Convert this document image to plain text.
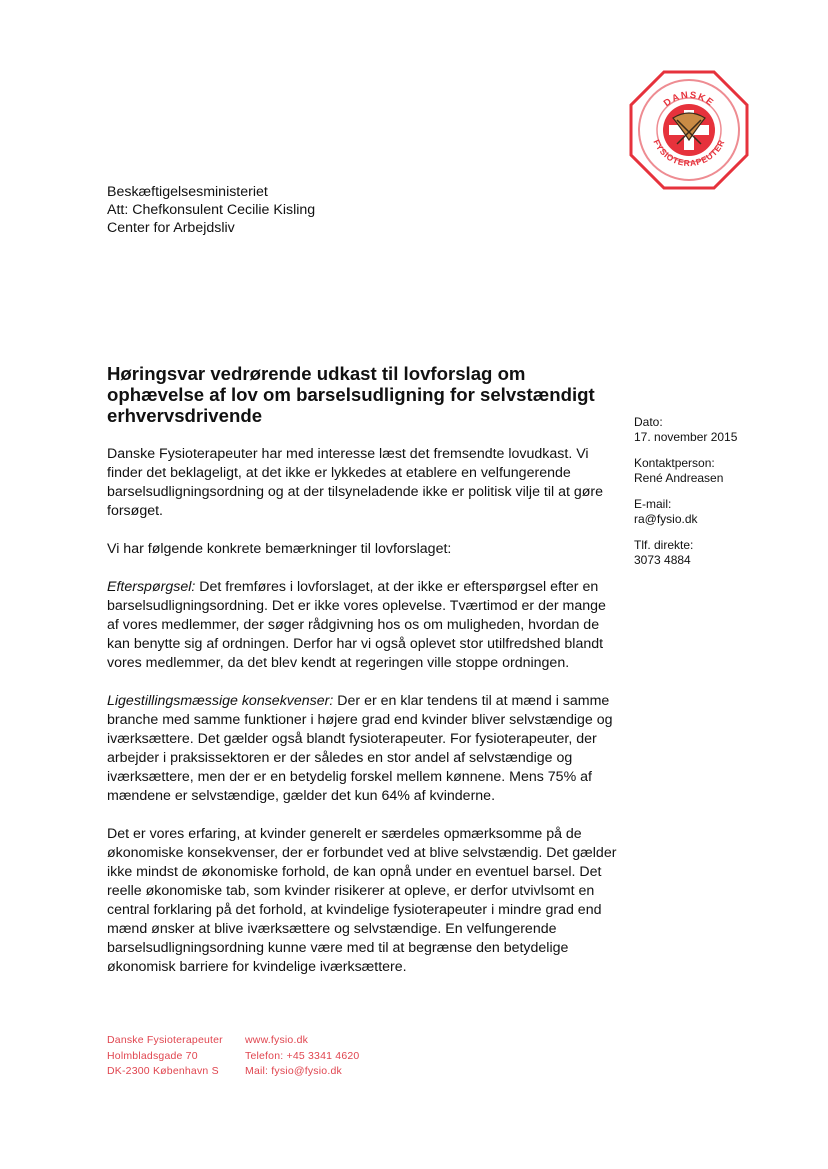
DANSKE
FYSIOTERAPEUTER
Beskæftigelsesministeriet
Att: Chefkonsulent Cecilie Kisling
Center for Arbejdsliv
Høringsvar vedrørende udkast til lovforslag om ophævelse af lov om barselsudligning for selvstændigt erhvervsdrivende

Danske Fysioterapeuter har med interesse læst det fremsendte lovudkast. Vi finder det beklageligt, at det ikke er lykkedes at etablere en velfungerende barselsudligningsordning og at der tilsyneladende ikke er politisk vilje til at gøre forsøget.

Vi har følgende konkrete bemærkninger til lovforslaget:

Efterspørgsel: Det fremføres i lovforslaget, at der ikke er efterspørgsel efter en barselsudligningsordning. Det er ikke vores oplevelse. Tværtimod er der mange af vores medlemmer, der søger rådgivning hos os om muligheden, hvordan de kan benytte sig af ordningen. Derfor har vi også oplevet stor utilfredshed blandt vores medlemmer, da det blev kendt at regeringen ville stoppe ordningen.

Ligestillingsmæssige konsekvenser: Der er en klar tendens til at mænd i samme branche med samme funktioner i højere grad end kvinder bliver selvstændige og iværksættere. Det gælder også blandt fysioterapeuter. For fysioterapeuter, der arbejder i praksissektoren er der således en stor andel af selvstændige og iværksættere, men der er en betydelig forskel mellem kønnene. Mens 75% af mændene er selvstændige, gælder det kun 64% af kvinderne.

Det er vores erfaring, at kvinder generelt er særdeles opmærksomme på de økonomiske konsekvenser, der er forbundet ved at blive selvstændig. Det gælder ikke mindst de økonomiske forhold, de kan opnå under en eventuel barsel. Det reelle økonomiske tab, som kvinder risikerer at opleve, er derfor utvivlsomt en central forklaring på det forhold, at kvindelige fysioterapeuter i mindre grad end mænd ønsker at blive iværksættere og selvstændige. En velfungerende barselsudligningsordning kunne være med til at begrænse den betydelige økonomisk barriere for kvindelige iværksættere.

Dato:
17. november 2015
Kontaktperson:
René Andreasen
E-mail:
ra@fysio.dk
Tlf. direkte:
3073 4884
Danske Fysioterapeuter
Holmbladsgade 70
DK-2300 København S
www.fysio.dk
Telefon: +45 3341 4620
Mail: fysio@fysio.dk
